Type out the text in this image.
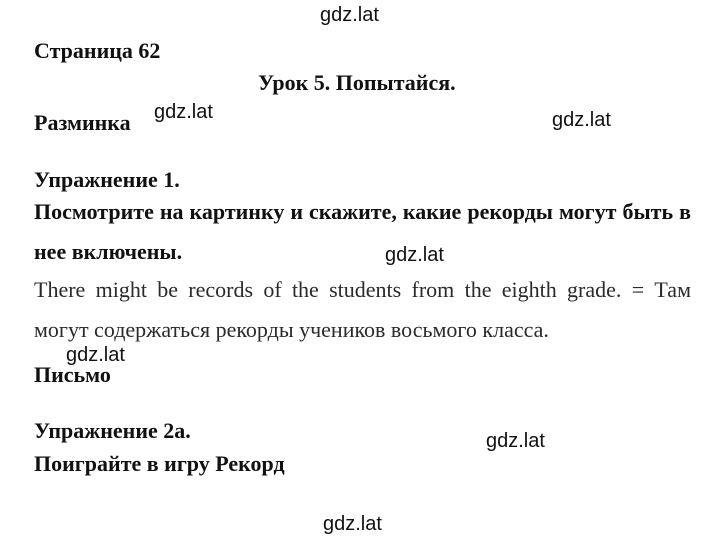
gdz.lat
Страница 62
Урок 5. Попытайся.
Разминка gdz.lat	gdz.lat
Упражнение 1.
Посмотрите на картинку и скажите, какие рекорды могут быть в нее включены.	gdz.lat
There might be records of the students from the eighth grade. = Там могут содержаться рекорды учеников восьмого класса.
gdz.lat
Письмо
Упражнение 2а.	gdz.lat
Поиграйте в игру Рекорд
gdz.lat
